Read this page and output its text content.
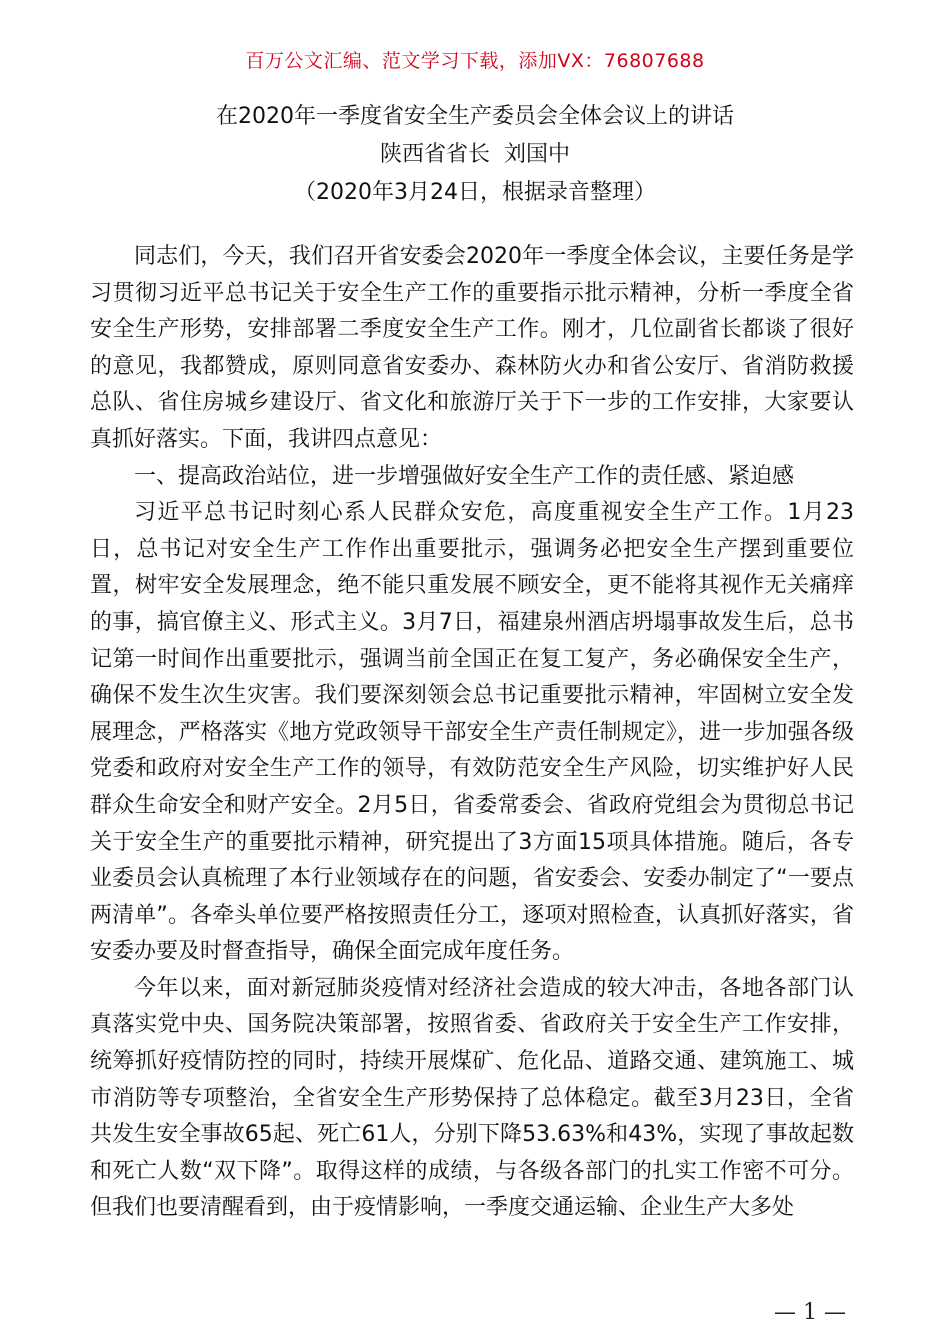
百万公文汇编、范文学习下载，添加VX：76807688
在2020年一季度省安全生产委员会全体会议上的讲话
陕西省省长  刘国中
（2020年3月24日，根据录音整理）

同志们，今天，我们召开省安委会2020年一季度全体会议，主要任务是学习贯彻习近平总书记关于安全生产工作的重要指示批示精神，分析一季度全省安全生产形势，安排部署二季度安全生产工作。刚才，几位副省长都谈了很好的意见，我都赞成，原则同意省安委办、森林防火办和省公安厅、省消防救援总队、省住房城乡建设厅、省文化和旅游厅关于下一步的工作安排，大家要认真抓好落实。下面，我讲四点意见：

一、提高政治站位，进一步增强做好安全生产工作的责任感、紧迫感

习近平总书记时刻心系人民群众安危，高度重视安全生产工作。1月23日，总书记对安全生产工作作出重要批示，强调务必把安全生产摆到重要位置，树牢安全发展理念，绝不能只重发展不顾安全，更不能将其视作无关痛痒的事，搞官僚主义、形式主义。3月7日，福建泉州酒店坍塌事故发生后，总书记第一时间作出重要批示，强调当前全国正在复工复产，务必确保安全生产，确保不发生次生灾害。我们要深刻领会总书记重要批示精神，牢固树立安全发展理念，严格落实《地方党政领导干部安全生产责任制规定》，进一步加强各级党委和政府对安全生产工作的领导，有效防范安全生产风险，切实维护好人民群众生命安全和财产安全。2月5日，省委常委会、省政府党组会为贯彻总书记关于安全生产的重要批示精神，研究提出了3方面15项具体措施。随后，各专业委员会认真梳理了本行业领域存在的问题，省安委会、安委办制定了“一要点两清单”。各牵头单位要严格按照责任分工，逐项对照检查，认真抓好落实，省安委办要及时督查指导，确保全面完成年度任务。

今年以来，面对新冠肺炎疫情对经济社会造成的较大冲击，各地各部门认真落实党中央、国务院决策部署，按照省委、省政府关于安全生产工作安排，统筹抓好疫情防控的同时，持续开展煤矿、危化品、道路交通、建筑施工、城市消防等专项整治，全省安全生产形势保持了总体稳定。截至3月23日，全省共发生安全事故65起、死亡61人，分别下降53.63%和43%，实现了事故起数和死亡人数“双下降”。取得这样的成绩，与各级各部门的扎实工作密不可分。但我们也要清醒看到，由于疫情影响，一季度交通运输、企业生产大多处

— 1 —
